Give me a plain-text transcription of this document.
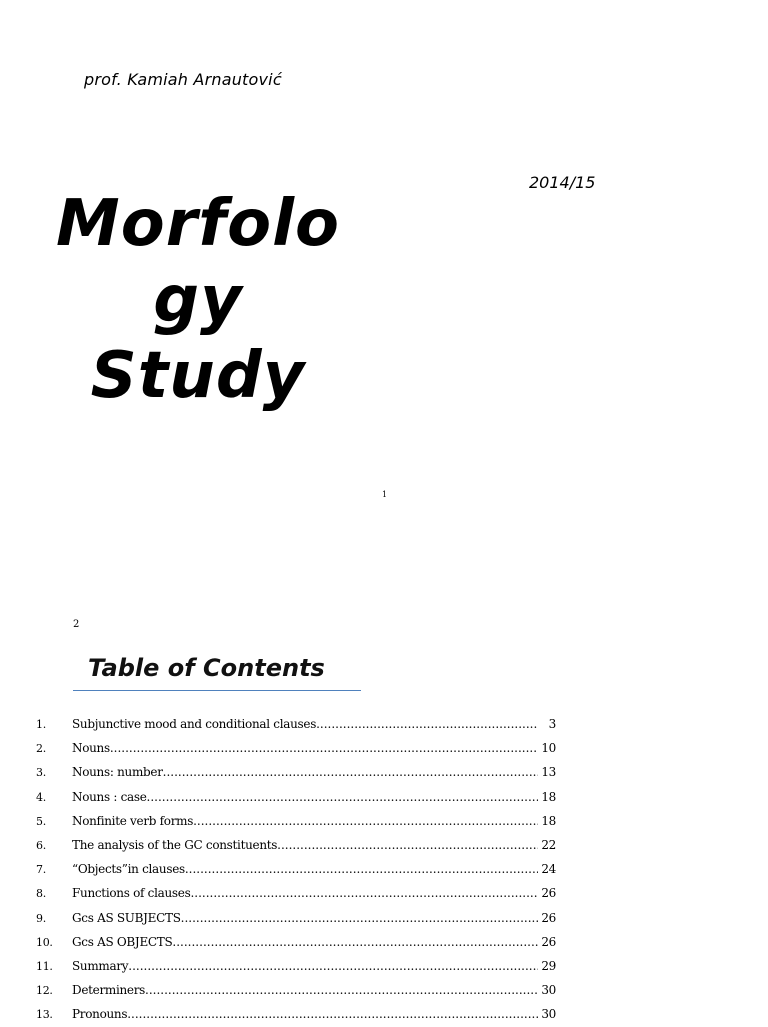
prof. Kamiah Arnautović
2014/15
Morfolo
gy
Study
1
2
Table of Contents
1.	Subjunctive mood and conditional clauses .....	3
2.	Nouns .....	10
3.	Nouns: number .....	13
4.	Nouns : case .....	18
5.	Nonfinite verb forms .....	18
6.	The analysis of the GC constituents .....	22
7.	“Objects”in clauses .....	24
8.	Functions of clauses .....	26
9.	Gcs AS SUBJECTS .....	26
10.	Gcs AS OBJECTS .....	26
11.	Summary .....	29
12.	Determiners .....	30
13.	Pronouns .....	30
